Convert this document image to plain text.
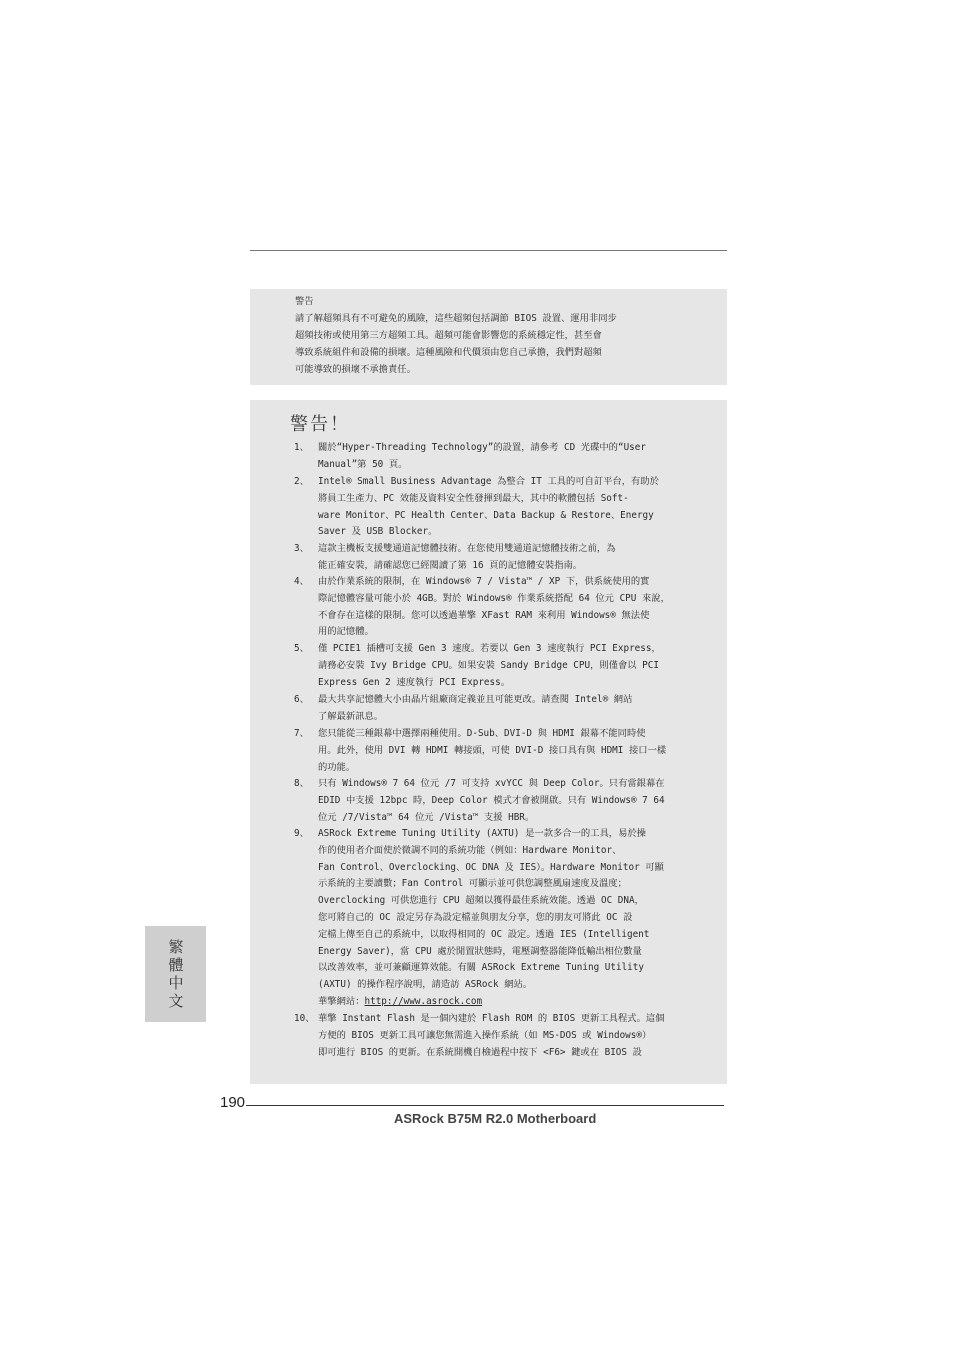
警告
請了解超頻具有不可避免的風險，這些超頻包括調節 BIOS 設置、運用非同步
超頻技術或使用第三方超頻工具。超頻可能會影響您的系統穩定性，甚至會
導致系統組件和設備的損壞。這種風險和代價須由您自己承擔，我們對超頻
可能導致的損壞不承擔責任。
警告！
1、 關於“Hyper-Threading Technology”的設置，請參考 CD 光碟中的“User
Manual”第 50 頁。
2、 Intel® Small Business Advantage 為整合 IT 工具的可自訂平台，有助於
將員工生產力、PC 效能及資料安全性發揮到最大，其中的軟體包括 Soft-
ware Monitor、PC Health Center、Data Backup & Restore、Energy
Saver 及 USB Blocker。
3、 這款主機板支援雙通道記憶體技術。在您使用雙通道記憶體技術之前，為
能正確安裝，請確認您已經閱讀了第 16 頁的記憶體安裝指南。
4、 由於作業系統的限制，在 Windows® 7 / Vista™ / XP 下，供系統使用的實
際記憶體容量可能小於 4GB。對於 Windows® 作業系統搭配 64 位元 CPU 來說，
不會存在這樣的限制。您可以透過華擎 XFast RAM 來利用 Windows® 無法使
用的記憶體。
5、 僅 PCIE1 插槽可支援 Gen 3 速度。若要以 Gen 3 速度執行 PCI Express，
請務必安裝 Ivy Bridge CPU。如果安裝 Sandy Bridge CPU，則僅會以 PCI
Express Gen 2 速度執行 PCI Express。
6、 最大共享記憶體大小由晶片組廠商定義並且可能更改。請查閱 Intel® 網站
了解最新訊息。
7、 您只能從三種銀幕中選擇兩種使用。D-Sub、DVI-D 與 HDMI 銀幕不能同時使
用。此外，使用 DVI 轉 HDMI 轉接頭，可使 DVI-D 接口具有與 HDMI 接口一樣
的功能。
8、 只有 Windows® 7 64 位元 /7 可支持 xvYCC 與 Deep Color。只有當銀幕在
EDID 中支援 12bpc 時，Deep Color 模式才會被開啟。只有 Windows® 7 64
位元 /7/Vista™ 64 位元 /Vista™ 支援 HBR。
9、 ASRock Extreme Tuning Utility (AXTU) 是一款多合一的工具，易於操
作的使用者介面使於微調不同的系統功能（例如：Hardware Monitor、
Fan Control、Overclocking、OC DNA 及 IES）。Hardware Monitor 可顯
示系統的主要讀數；Fan Control 可顯示並可供您調整風扇速度及溫度；
Overclocking 可供您進行 CPU 超頻以獲得最佳系統效能。透過 OC DNA，
您可將自己的 OC 設定另存為設定檔並與朋友分享，您的朋友可將此 OC 設
定檔上傳至自己的系統中，以取得相同的 OC 設定。透過 IES (Intelligent
Energy Saver)，當 CPU 處於閒置狀態時，電壓調整器能降低輸出相位數量
以改善效率，並可兼顧運算效能。有關 ASRock Extreme Tuning Utility
(AXTU) 的操作程序說明，請造訪 ASRock 網站。
華擎網站：http://www.asrock.com
10、 華擎 Instant Flash 是一個內建於 Flash ROM 的 BIOS 更新工具程式。這個
方便的 BIOS 更新工具可讓您無需進入操作系統（如 MS-DOS 或 Windows®）
即可進行 BIOS 的更新。在系統開機自檢過程中按下 <F6> 鍵或在 BIOS 設
繁體中文
190
ASRock B75M R2.0 Motherboard
